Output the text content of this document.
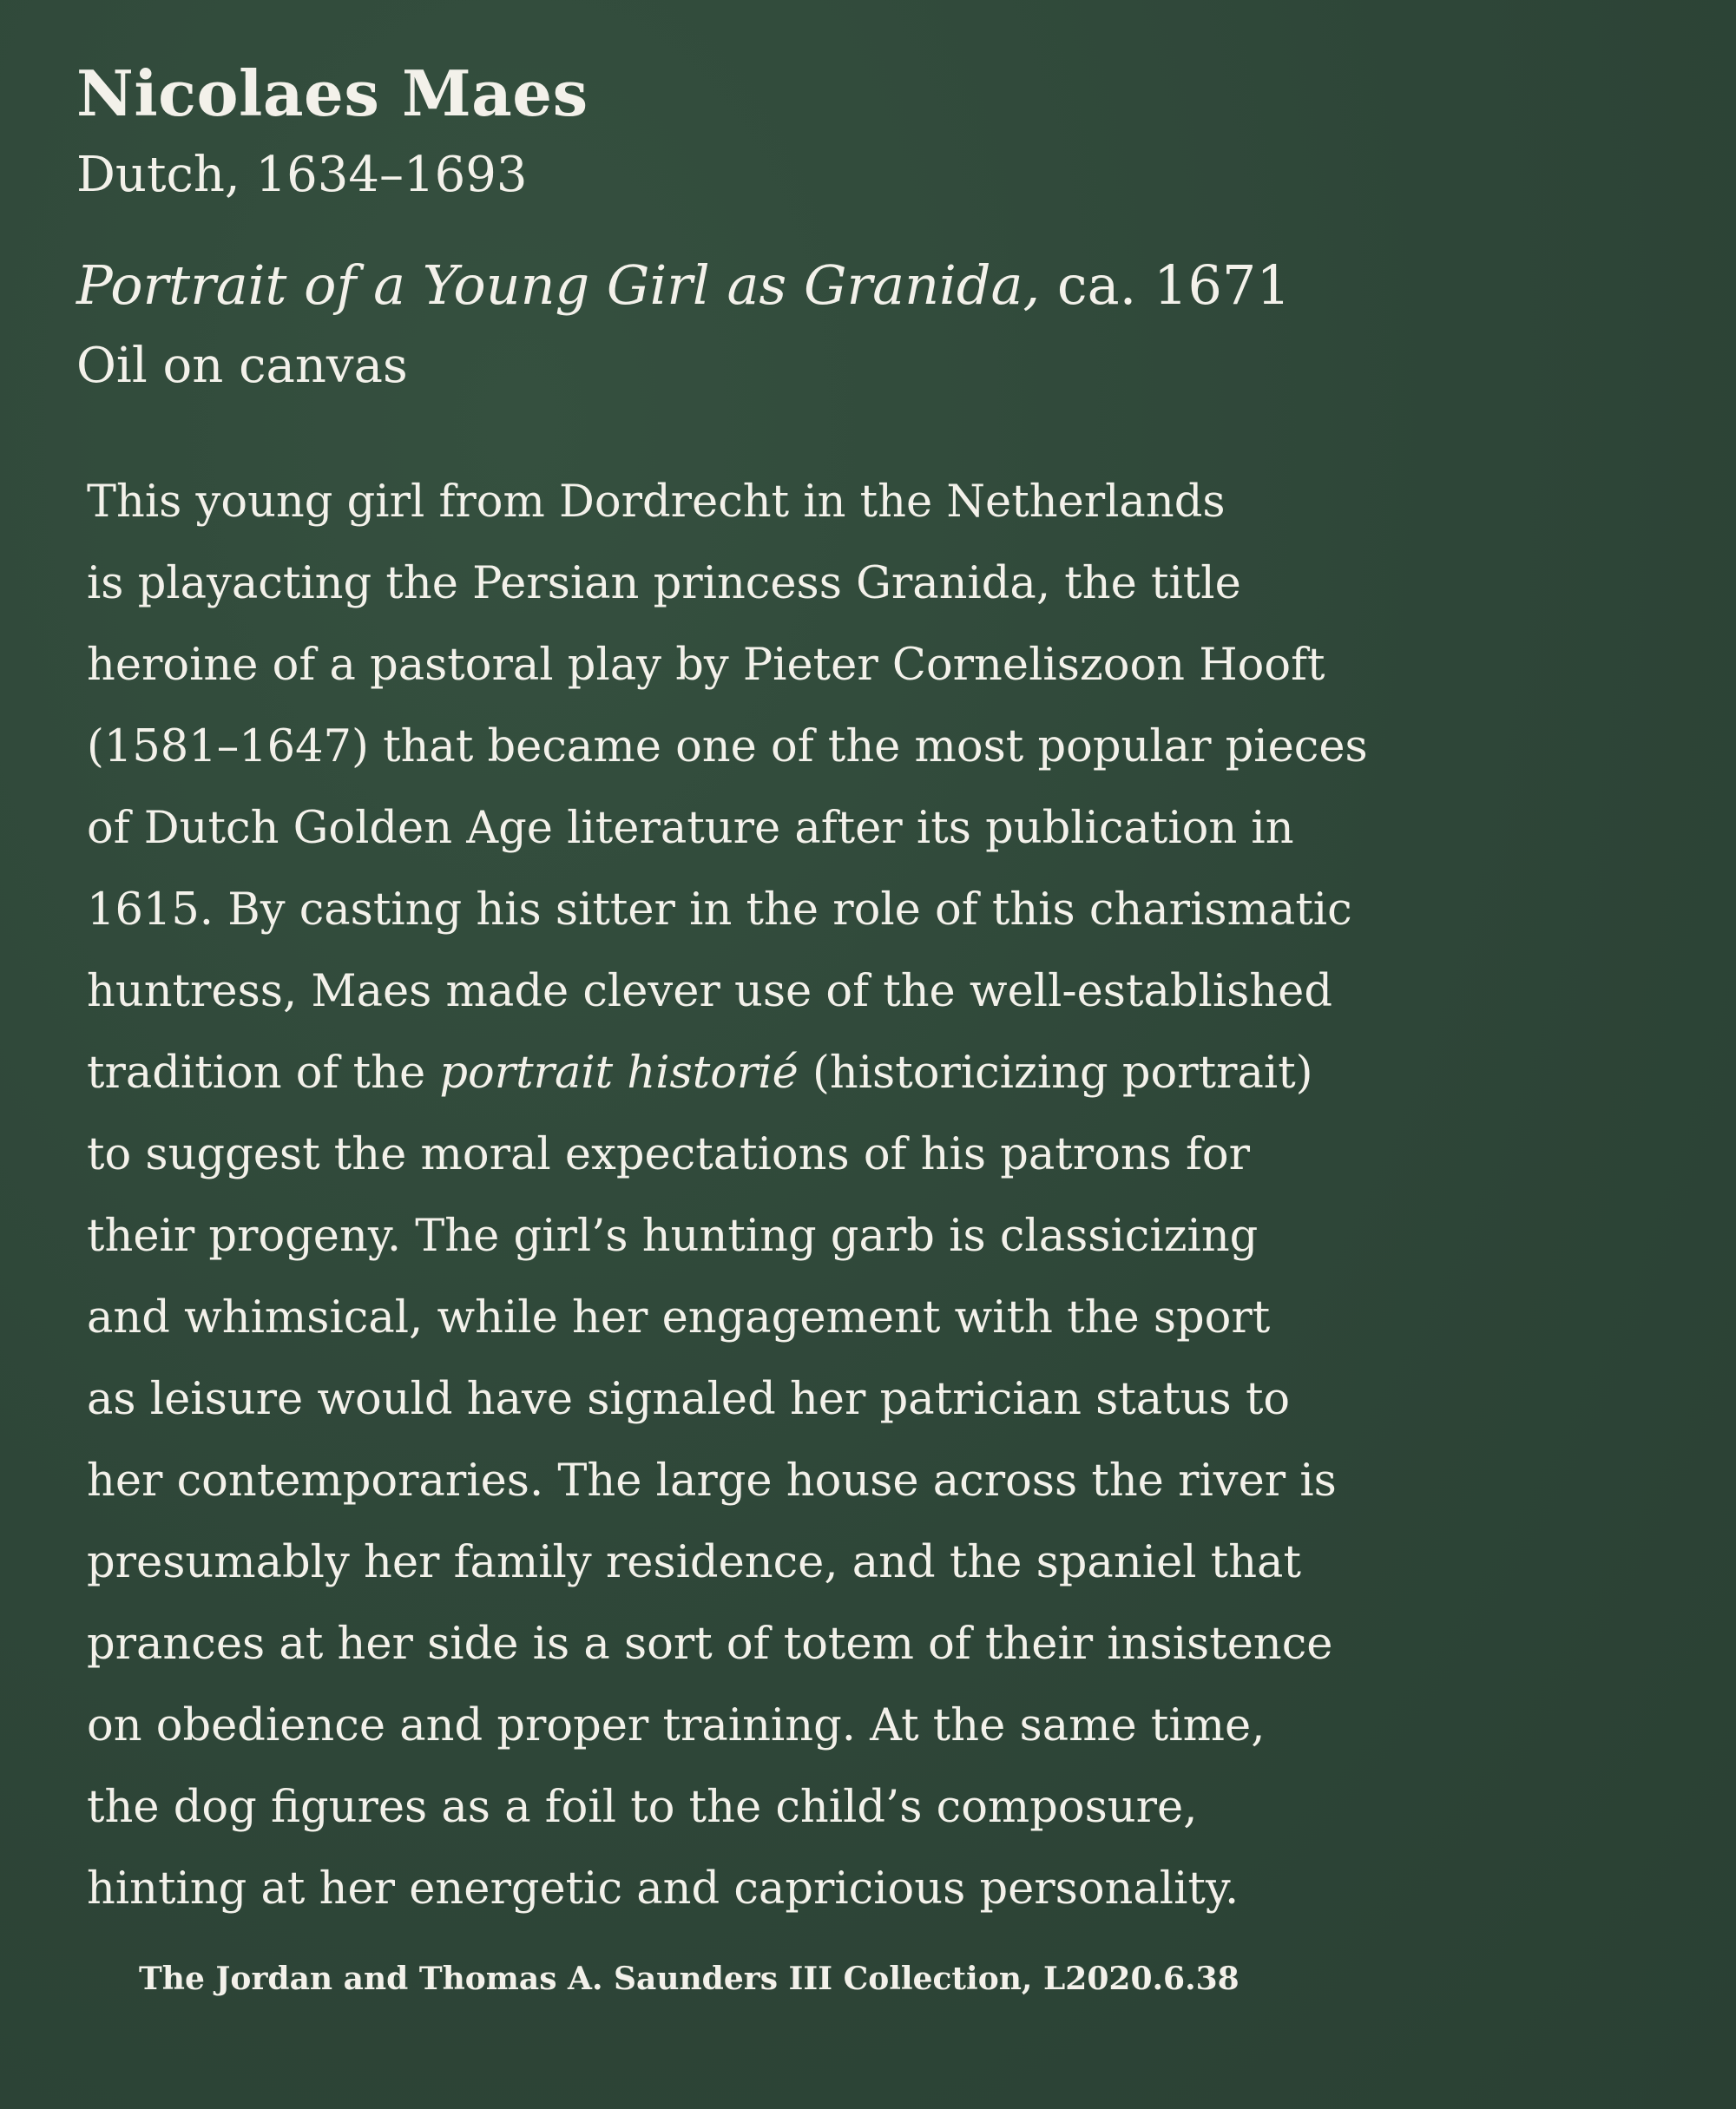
Nicolaes Maes
Dutch, 1634–1693
Portrait of a Young Girl as Granida, ca. 1671
Oil on canvas
This young girl from Dordrecht in the Netherlands
is playacting the Persian princess Granida, the title
heroine of a pastoral play by Pieter Corneliszoon Hooft
(1581–1647) that became one of the most popular pieces
of Dutch Golden Age literature after its publication in
1615. By casting his sitter in the role of this charismatic
huntress, Maes made clever use of the well-established
tradition of the portrait historié (historicizing portrait)
to suggest the moral expectations of his patrons for
their progeny. The girl’s hunting garb is classicizing
and whimsical, while her engagement with the sport
as leisure would have signaled her patrician status to
her contemporaries. The large house across the river is
presumably her family residence, and the spaniel that
prances at her side is a sort of totem of their insistence
on obedience and proper training. At the same time,
the dog figures as a foil to the child’s composure,
hinting at her energetic and capricious personality.
The Jordan and Thomas A. Saunders III Collection, L2020.6.38
